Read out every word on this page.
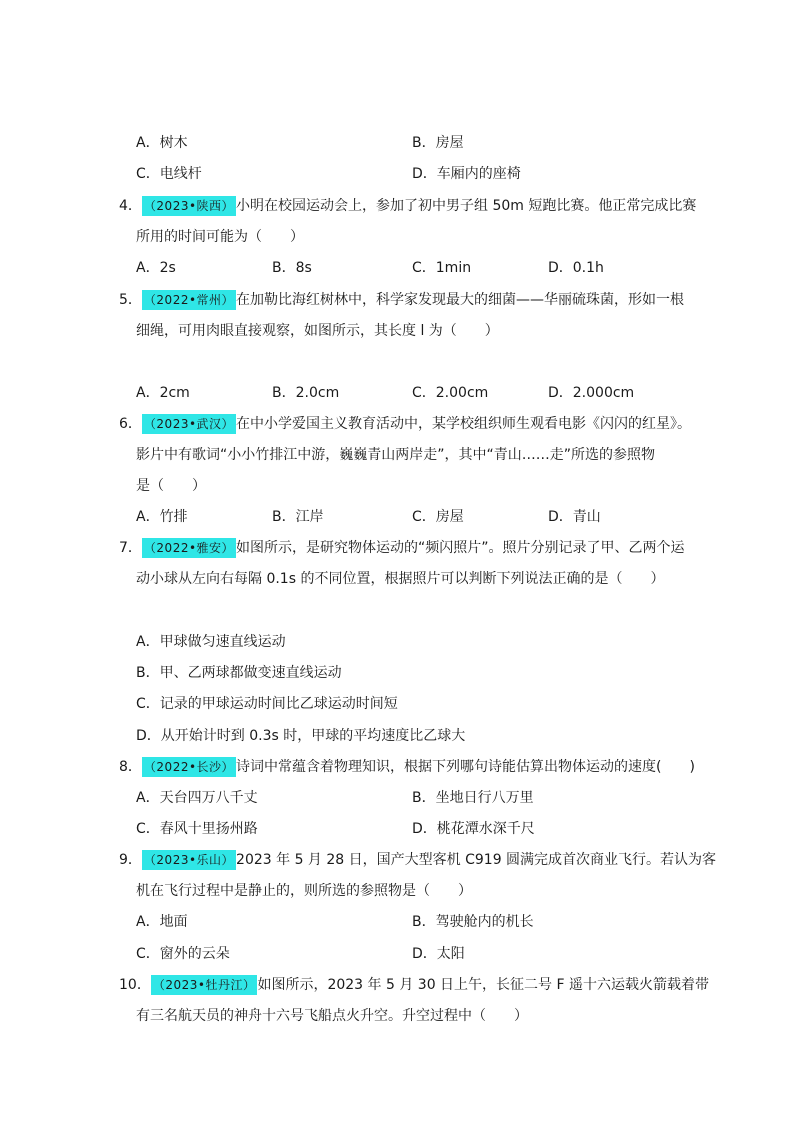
A．树木	B．房屋
C．电线杆	D．车厢内的座椅
4． （2023•陕西） 小明在校园运动会上，参加了初中男子组 50m 短跑比赛。他正常完成比赛
所用的时间可能为（　　）
A．2s	B．8s	C．1min	D．0.1h
5． （2022•常州） 在加勒比海红树林中，科学家发现最大的细菌——华丽硫珠菌，形如一根
细绳，可用肉眼直接观察，如图所示，其长度 l 为（　　）
A．2cm	B．2.0cm	C．2.00cm	D．2.000cm
6． （2023•武汉） 在中小学爱国主义教育活动中，某学校组织师生观看电影《闪闪的红星》。
影片中有歌词“小小竹排江中游，巍巍青山两岸走”，其中“青山……走”所选的参照物
是（　　）
A．竹排	B．江岸	C．房屋	D．青山
7． （2022•雅安） 如图所示，是研究物体运动的“频闪照片”。照片分别记录了甲、乙两个运
动小球从左向右每隔 0.1s 的不同位置，根据照片可以判断下列说法正确的是（　　）
A．甲球做匀速直线运动
B．甲、乙两球都做变速直线运动
C．记录的甲球运动时间比乙球运动时间短
D．从开始计时到 0.3s 时，甲球的平均速度比乙球大
8． （2022•长沙） 诗词中常蕴含着物理知识，根据下列哪句诗能估算出物体运动的速度(　　)
A．天台四万八千丈	B．坐地日行八万里
C．春风十里扬州路	D．桃花潭水深千尺
9． （2023•乐山） 2023 年 5 月 28 日，国产大型客机 C919 圆满完成首次商业飞行。若认为客
机在飞行过程中是静止的，则所选的参照物是（　　）
A．地面	B．驾驶舱内的机长
C．窗外的云朵	D．太阳
10． （2023•牡丹江） 如图所示，2023 年 5 月 30 日上午，长征二号 F 遥十六运载火箭载着带
有三名航天员的神舟十六号飞船点火升空。升空过程中（　　）
